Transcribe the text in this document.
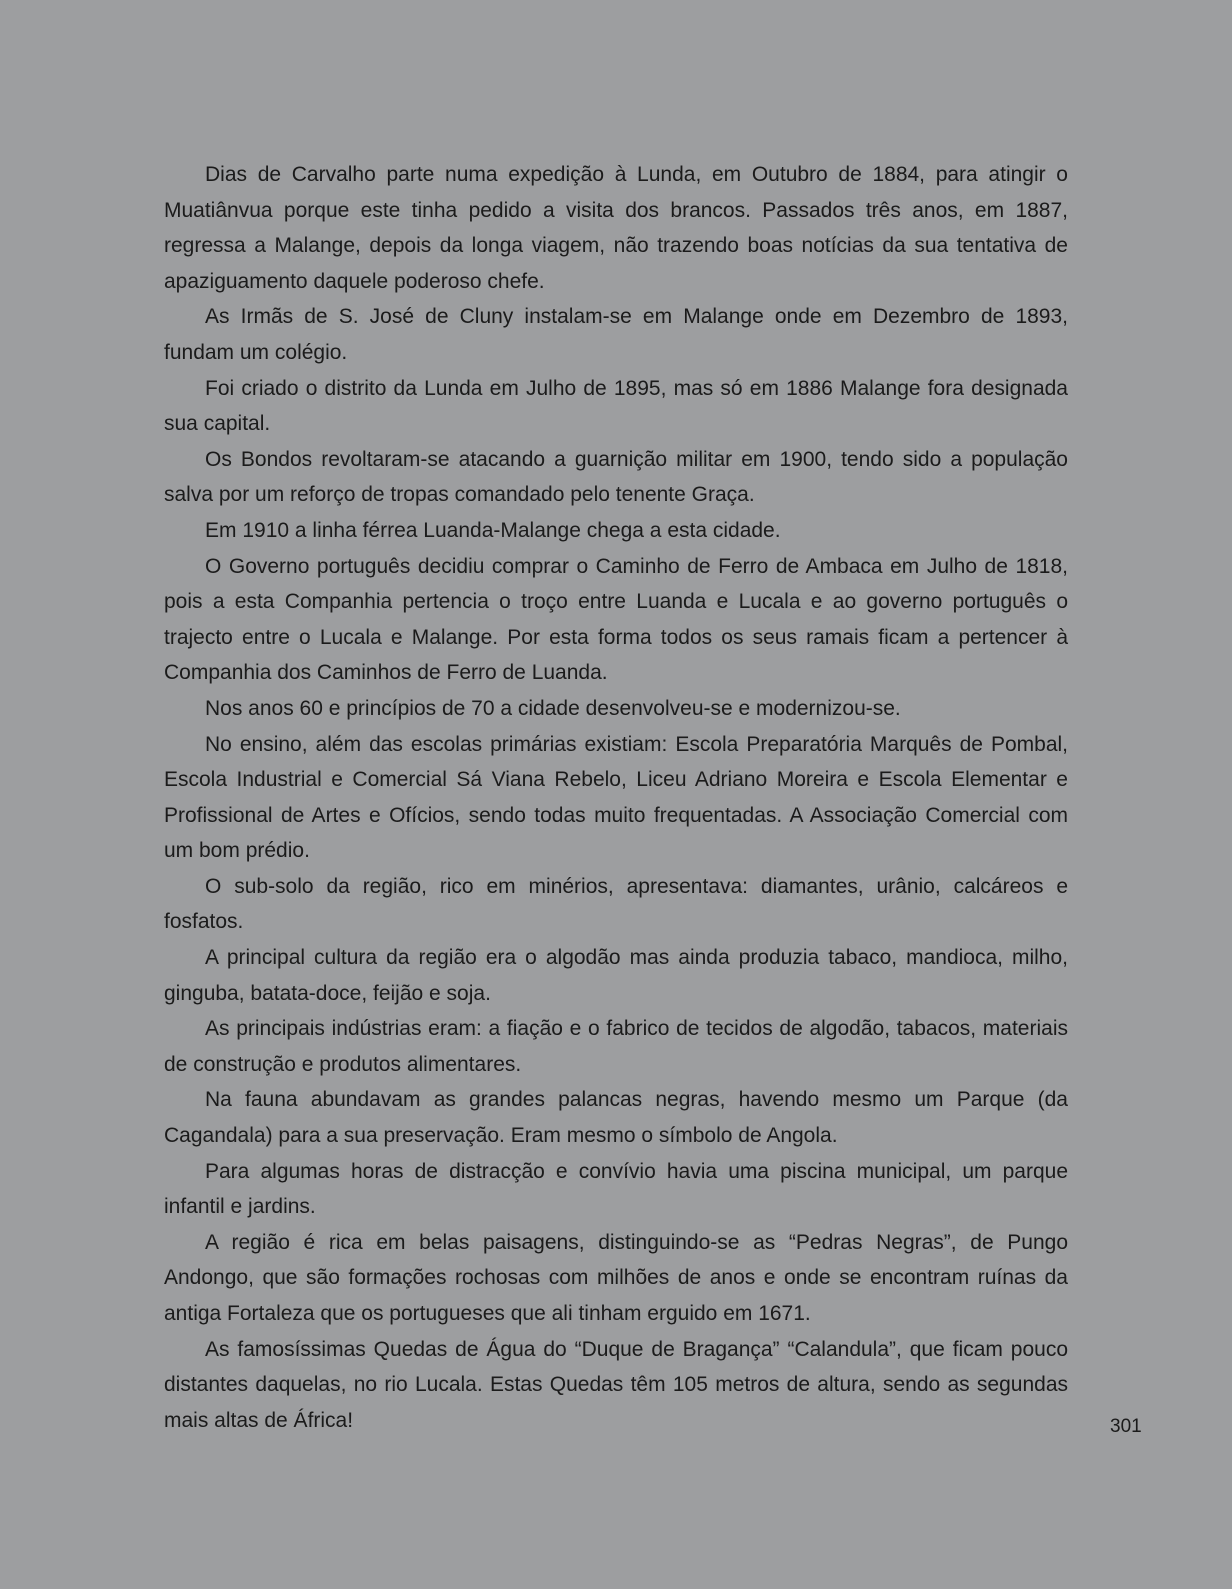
Dias de Carvalho parte numa expedição à Lunda, em Outubro de 1884, para atingir o Muatiânvua porque este tinha pedido a visita dos brancos. Passados três anos, em 1887, regressa a Malange, depois da longa viagem, não trazendo boas notícias da sua tentativa de apaziguamento daquele poderoso chefe.

As Irmãs de S. José de Cluny instalam-se em Malange onde em Dezembro de 1893, fundam um colégio.

Foi criado o distrito da Lunda em Julho de 1895, mas só em 1886 Malange fora designada sua capital.

Os Bondos revoltaram-se atacando a guarnição militar em 1900, tendo sido a população salva por um reforço de tropas comandado pelo tenente Graça.

Em 1910 a linha férrea Luanda-Malange chega a esta cidade.

O Governo português decidiu comprar o Caminho de Ferro de Ambaca em Julho de 1818, pois a esta Companhia pertencia o troço entre Luanda e Lucala e ao governo português o trajecto entre o Lucala e Malange. Por esta forma todos os seus ramais ficam a pertencer à Companhia dos Caminhos de Ferro de Luanda.

Nos anos 60 e princípios de 70 a cidade desenvolveu-se e modernizou-se.

No ensino, além das escolas primárias existiam: Escola Preparatória Marquês de Pombal, Escola Industrial e Comercial Sá Viana Rebelo, Liceu Adriano Moreira e Escola Elementar e Profissional de Artes e Ofícios, sendo todas muito frequentadas. A Associação Comercial com um bom prédio.

O sub-solo da região, rico em minérios, apresentava: diamantes, urânio, calcáreos e fosfatos.

A principal cultura da região era o algodão mas ainda produzia tabaco, mandioca, milho, ginguba, batata-doce, feijão e soja.

As principais indústrias eram: a fiação e o fabrico de tecidos de algodão, tabacos, materiais de construção e produtos alimentares.

Na fauna abundavam as grandes palancas negras, havendo mesmo um Parque (da Cagandala) para a sua preservação. Eram mesmo o símbolo de Angola.

Para algumas horas de distracção e convívio havia uma piscina municipal, um parque infantil e jardins.

A região é rica em belas paisagens, distinguindo-se as “Pedras Negras”, de Pungo Andongo, que são formações rochosas com milhões de anos e onde se encontram ruínas da antiga Fortaleza que os portugueses que ali tinham erguido em 1671.

As famosíssimas Quedas de Água do “Duque de Bragança” “Calandula”, que ficam pouco distantes daquelas, no rio Lucala. Estas Quedas têm 105 metros de altura, sendo as segundas mais altas de África!	301
